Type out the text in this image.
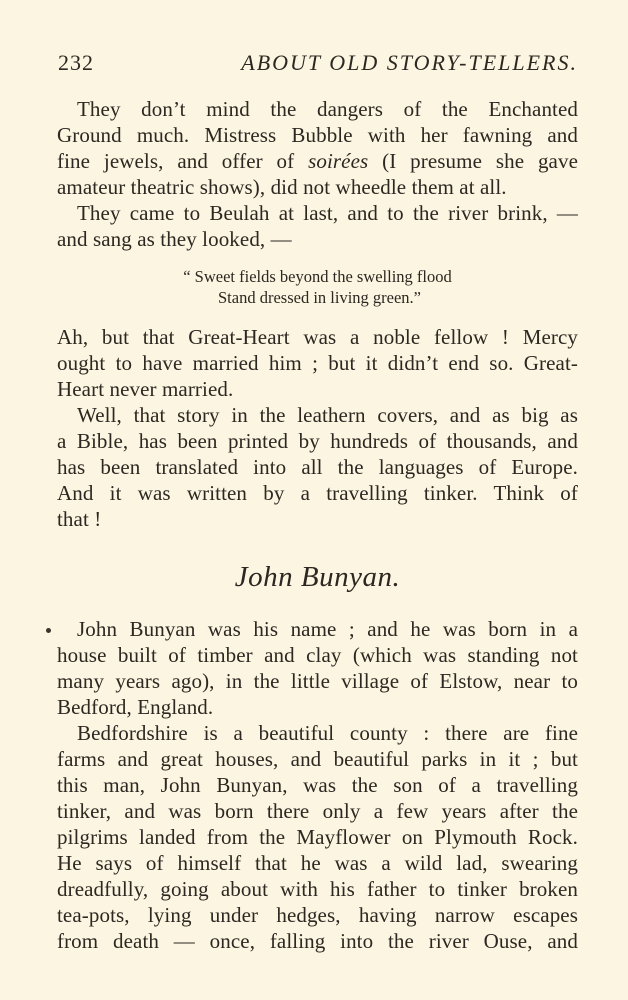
232	ABOUT OLD STORY-TELLERS.

They don’t mind the dangers of the Enchanted
Ground much. Mistress Bubble with her fawning and
fine jewels, and offer of soirées (I presume she gave
amateur theatric shows), did not wheedle them at all.

They came to Beulah at last, and to the river brink, —
and sang as they looked, —

“ Sweet fields beyond the swelling flood
Stand dressed in living green.”

Ah, but that Great-Heart was a noble fellow ! Mercy
ought to have married him ; but it didn’t end so. Great-
Heart never married.

Well, that story in the leathern covers, and as big as
a Bible, has been printed by hundreds of thousands, and
has been translated into all the languages of Europe.
And it was written by a travelling tinker. Think of
that !

John Bunyan.

John Bunyan was his name ; and he was born in a
house built of timber and clay (which was standing not
many years ago), in the little village of Elstow, near to
Bedford, England.

Bedfordshire is a beautiful county : there are fine
farms and great houses, and beautiful parks in it ; but
this man, John Bunyan, was the son of a travelling
tinker, and was born there only a few years after the
pilgrims landed from the Mayflower on Plymouth Rock.
He says of himself that he was a wild lad, swearing
dreadfully, going about with his father to tinker broken
tea-pots, lying under hedges, having narrow escapes
from death — once, falling into the river Ouse, and
